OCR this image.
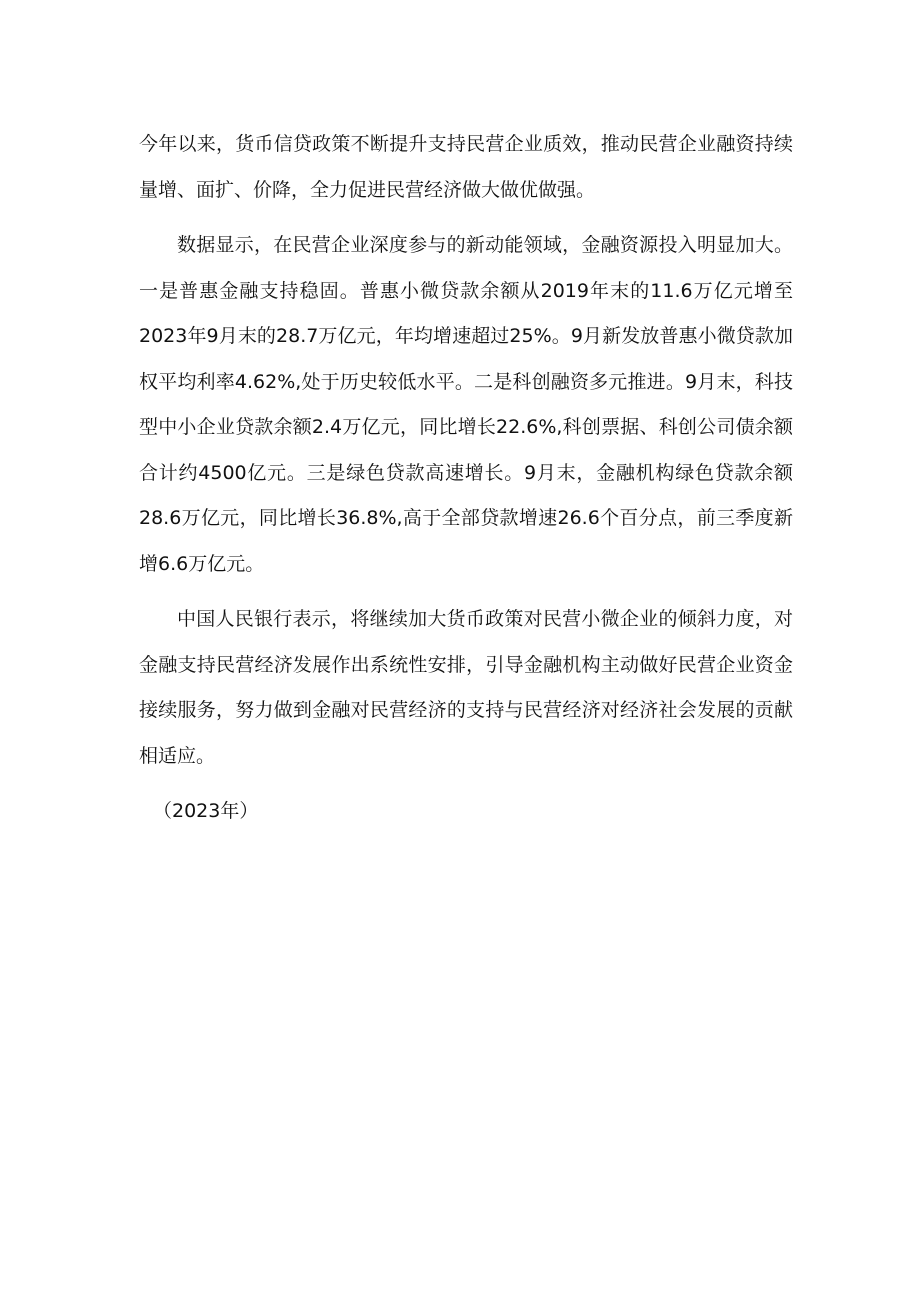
今年以来，货币信贷政策不断提升支持民营企业质效，推动民营企业融资持续量增、面扩、价降，全力促进民营经济做大做优做强。

数据显示，在民营企业深度参与的新动能领域，金融资源投入明显加大。一是普惠金融支持稳固。普惠小微贷款余额从2019年末的11.6万亿元增至2023年9月末的28.7万亿元，年均增速超过25%。9月新发放普惠小微贷款加权平均利率4.62%,处于历史较低水平。二是科创融资多元推进。9月末，科技型中小企业贷款余额2.4万亿元，同比增长22.6%,科创票据、科创公司债余额合计约4500亿元。三是绿色贷款高速增长。9月末，金融机构绿色贷款余额28.6万亿元，同比增长36.8%,高于全部贷款增速26.6个百分点，前三季度新增6.6万亿元。

中国人民银行表示，将继续加大货币政策对民营小微企业的倾斜力度，对金融支持民营经济发展作出系统性安排，引导金融机构主动做好民营企业资金接续服务，努力做到金融对民营经济的支持与民营经济对经济社会发展的贡献相适应。

（2023年）
